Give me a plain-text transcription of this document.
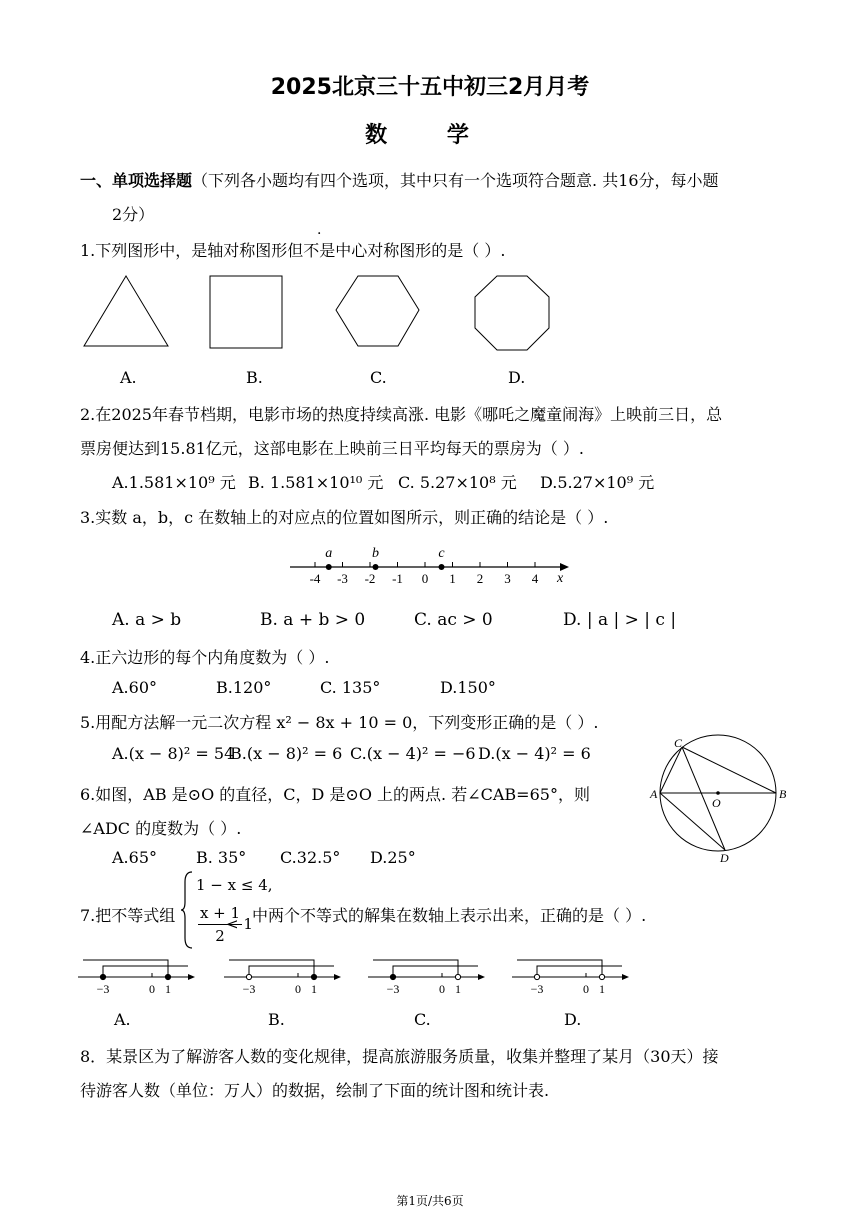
2025北京三十五中初三2月月考
数 学
一、单项选择题（下列各小题均有四个选项，其中只有一个选项符合题意. 共16分，每小题
2分）
1.下列图形中，是轴对称图形但不是中心对称图形的是（ ）.
A.	B.	C.	D.
2.在2025年春节档期，电影市场的热度持续高涨. 电影《哪吒之魔童闹海》上映前三日，总
票房便达到15.81亿元，这部电影在上映前三日平均每天的票房为（ ）.
A.1.581×10⁹ 元 B. 1.581×10¹⁰ 元 C. 5.27×10⁸ 元 D.5.27×10⁹ 元
3.实数 a，b，c 在数轴上的对应点的位置如图所示，则正确的结论是（ ）.
x
-4 -3 -2 -1 0 1 2 3 4
a	b	c
A. a > b	B. a + b > 0	C. ac > 0	D. | a | > | c |
4.正六边形的每个内角度数为（ ）.
A.60°	B.120°	C. 135°	D.150°
5.用配方法解一元二次方程 x² − 8x + 10 = 0，下列变形正确的是（ ）.
A.(x − 8)² = 54
B.(x − 8)² = 6 C.(x − 4)² = −6 D.(x − 4)² = 6
A	B
C
D
O
6.如图，AB 是⊙O 的直径，C，D 是⊙O 上的两点. 若∠CAB=65°，则
∠ADC 的度数为（ ）.
A.65° B. 35° C.32.5° D.25°
7.把不等式组
1 − x ≤ 4,
x + 1
2
< 1 中两个不等式的解集在数轴上表示出来，正确的是（ ）.
−3	0 1	−3	0 1	−3	0 1	−3	0 1
A.	B.	C.	D.
8．某景区为了解游客人数的变化规律，提高旅游服务质量，收集并整理了某月（30天）接
待游客人数（单位：万人）的数据，绘制了下面的统计图和统计表.
第1页/共6页
